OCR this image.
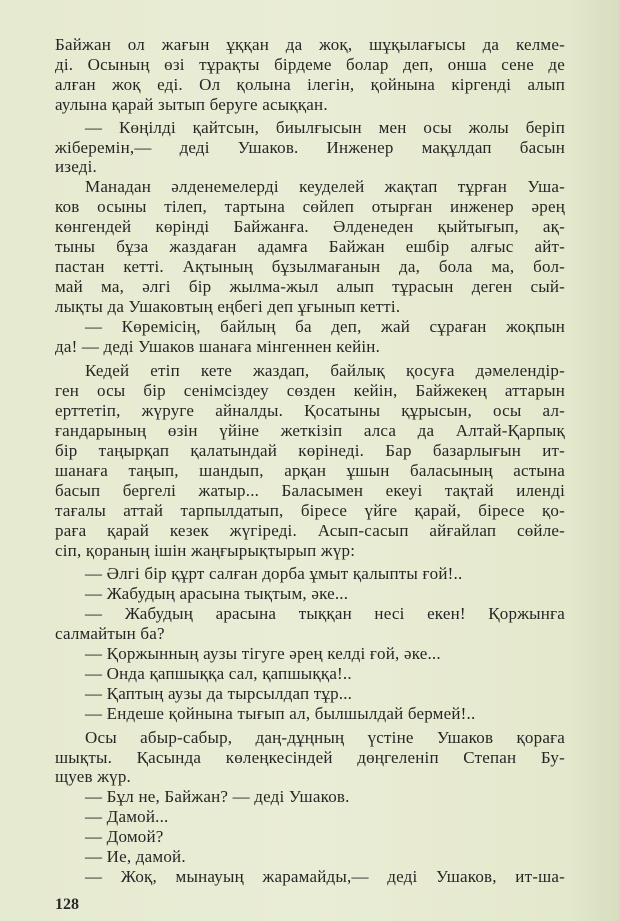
Байжан ол жағын ұққан да жоқ, шұқылағысы да келме-
ді. Осының өзі тұрақты бірдеме болар деп, онша сене де
алған жоқ еді. Ол қолына ілегін, қойнына кіргенді алып
аулына қарай зытып беруге асыққан.
— Көңілді қайтсын, биылғысын мен осы жолы беріп
жіберемін,— деді Ушаков. Инженер мақұлдап басын
изеді.
Манадан әлденемелерді кеуделей жақтап тұрған Уша-
ков осыны тілеп, тартына сөйлеп отырған инженер әрең
көнгендей көрінді Байжанға. Әлденеден қыйтығып, ақ-
тыны бұза жаздаған адамға Байжан ешбір алғыс айт-
пастан кетті. Ақтының бұзылмағанын да, бола ма, бол-
май ма, әлгі бір жылма-жыл алып тұрасын деген сый-
лықты да Ушаковтың еңбегі деп ұғынып кетті.
— Көремісің, байлың ба деп, жай сұраған жоқпын
да! — деді Ушаков шанаға мінгеннен кейін.
Кедей етіп кете жаздап, байлық қосуға дәмелендір-
ген осы бір сенімсіздеу сөзден кейін, Байжекең аттарын
ерттетіп, жүруге айналды. Қосатыны құрысын, осы ал-
ғандарының өзін үйіне жеткізіп алса да Алтай-Қарпық
бір таңырқап қалатындай көрінеді. Бар базарлығын ит-
шанаға таңып, шандып, арқан ұшын баласының астына
басып бергелі жатыр... Баласымен екеуі тақтай иленді
тағалы аттай тарпылдатып, біресе үйге қарай, біресе қо-
раға қарай кезек жүгіреді. Асып-сасып айғайлап сөйле-
сіп, қораның ішін жаңғырықтырып жүр:
— Әлгі бір құрт салған дорба ұмыт қалыпты ғой!..
— Жабудың арасына тықтым, әке...
— Жабудың арасына тыққан несі екен! Қоржынға
салмайтын ба?
— Қоржынның аузы тігуге әрең келді ғой, әке...
— Онда қапшыққа сал, қапшыққа!..
— Қаптың аузы да тырсылдап тұр...
— Ендеше қойнына тығып ал, былшылдай бермей!..
Осы абыр-сабыр, даң-дұңның үстіне Ушаков қораға
шықты. Қасында көлеңкесіндей дөңгеленіп Степан Бу-
щуев жүр.
— Бұл не, Байжан? — деді Ушаков.
— Дамой...
— Домой?
— Ие, дамой.
— Жоқ, мынауың жарамайды,— деді Ушаков, ит-ша-
128
